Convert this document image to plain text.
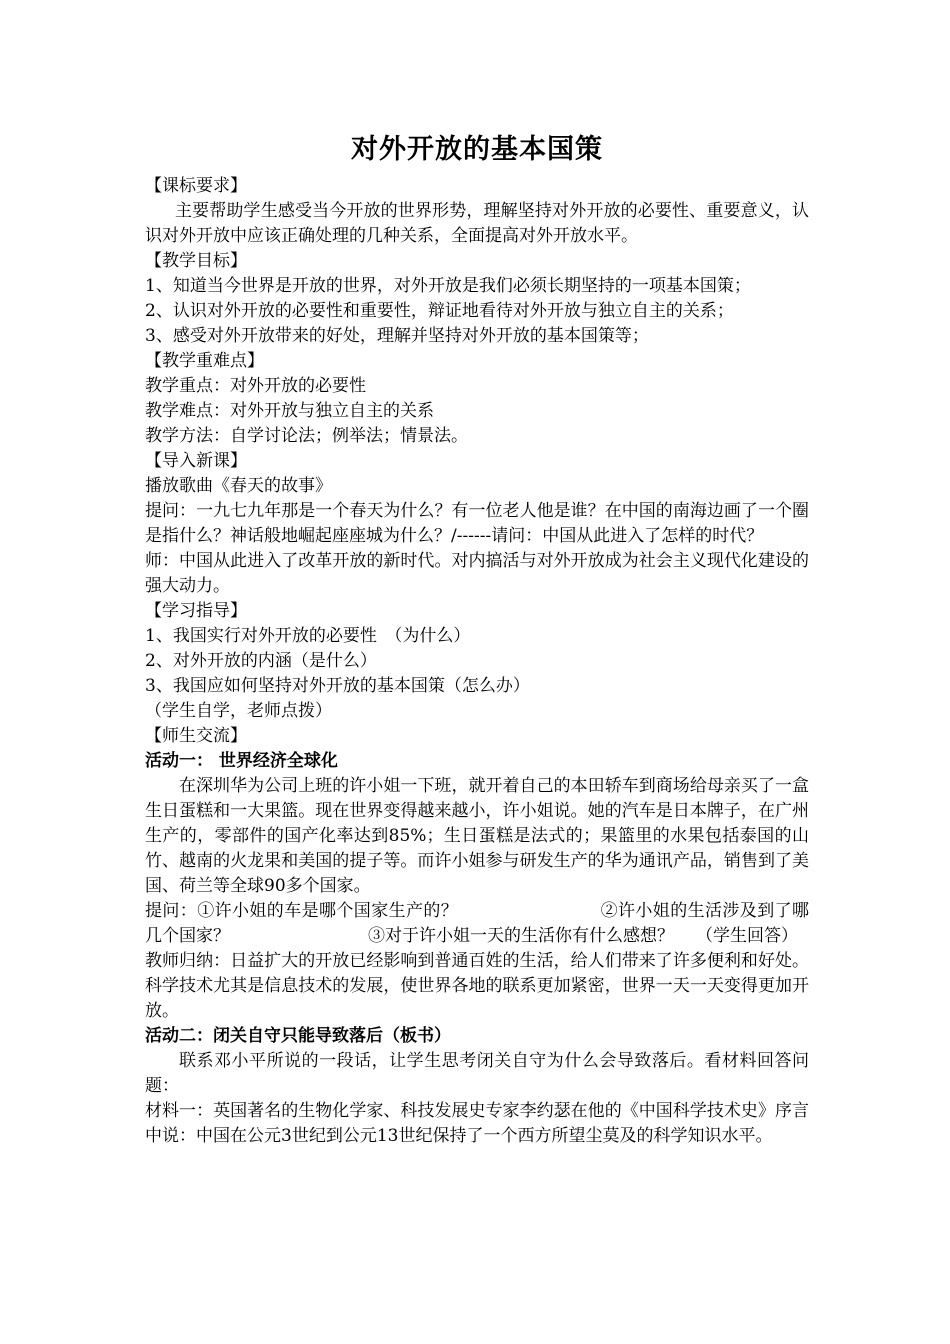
对外开放的基本国策

【课标要求】

主要帮助学生感受当今开放的世界形势，理解坚持对外开放的必要性、重要意义，认识对外开放中应该正确处理的几种关系，全面提高对外开放水平。

【教学目标】

1、知道当今世界是开放的世界，对外开放是我们必须长期坚持的一项基本国策；

2、认识对外开放的必要性和重要性，辩证地看待对外开放与独立自主的关系；

3、感受对外开放带来的好处，理解并坚持对外开放的基本国策等；

【教学重难点】

教学重点：对外开放的必要性

教学难点：对外开放与独立自主的关系

教学方法：自学讨论法；例举法；情景法。

【导入新课】

播放歌曲《春天的故事》

提问：一九七九年那是一个春天为什么？有一位老人他是谁？在中国的南海边画了一个圈是指什么？神话般地崛起座座城为什么？/------请问：中国从此进入了怎样的时代？

师：中国从此进入了改革开放的新时代。对内搞活与对外开放成为社会主义现代化建设的强大动力。

【学习指导】

1、我国实行对外开放的必要性　（为什么）

2、对外开放的内涵（是什么）

3、我国应如何坚持对外开放的基本国策（怎么办）

（学生自学，老师点拨）

【师生交流】

活动一： 世界经济全球化

在深圳华为公司上班的许小姐一下班，就开着自己的本田轿车到商场给母亲买了一盒生日蛋糕和一大果篮。现在世界变得越来越小，许小姐说。她的汽车是日本牌子，在广州生产的，零部件的国产化率达到85%；生日蛋糕是法式的；果篮里的水果包括泰国的山竹、越南的火龙果和美国的提子等。而许小姐参与研发生产的华为通讯产品，销售到了美国、荷兰等全球90多个国家。

提问：①许小姐的车是哪个国家生产的？	②许小姐的生活涉及到了哪几个国家？	③对于许小姐一天的生活你有什么感想？ （学生回答）

教师归纳：日益扩大的开放已经影响到普通百姓的生活，给人们带来了许多便利和好处。科学技术尤其是信息技术的发展，使世界各地的联系更加紧密，世界一天一天变得更加开放。

活动二：闭关自守只能导致落后（板书）

联系邓小平所说的一段话，让学生思考闭关自守为什么会导致落后。看材料回答问题：

材料一：英国著名的生物化学家、科技发展史专家李约瑟在他的《中国科学技术史》序言中说：中国在公元3世纪到公元13世纪保持了一个西方所望尘莫及的科学知识水平。
